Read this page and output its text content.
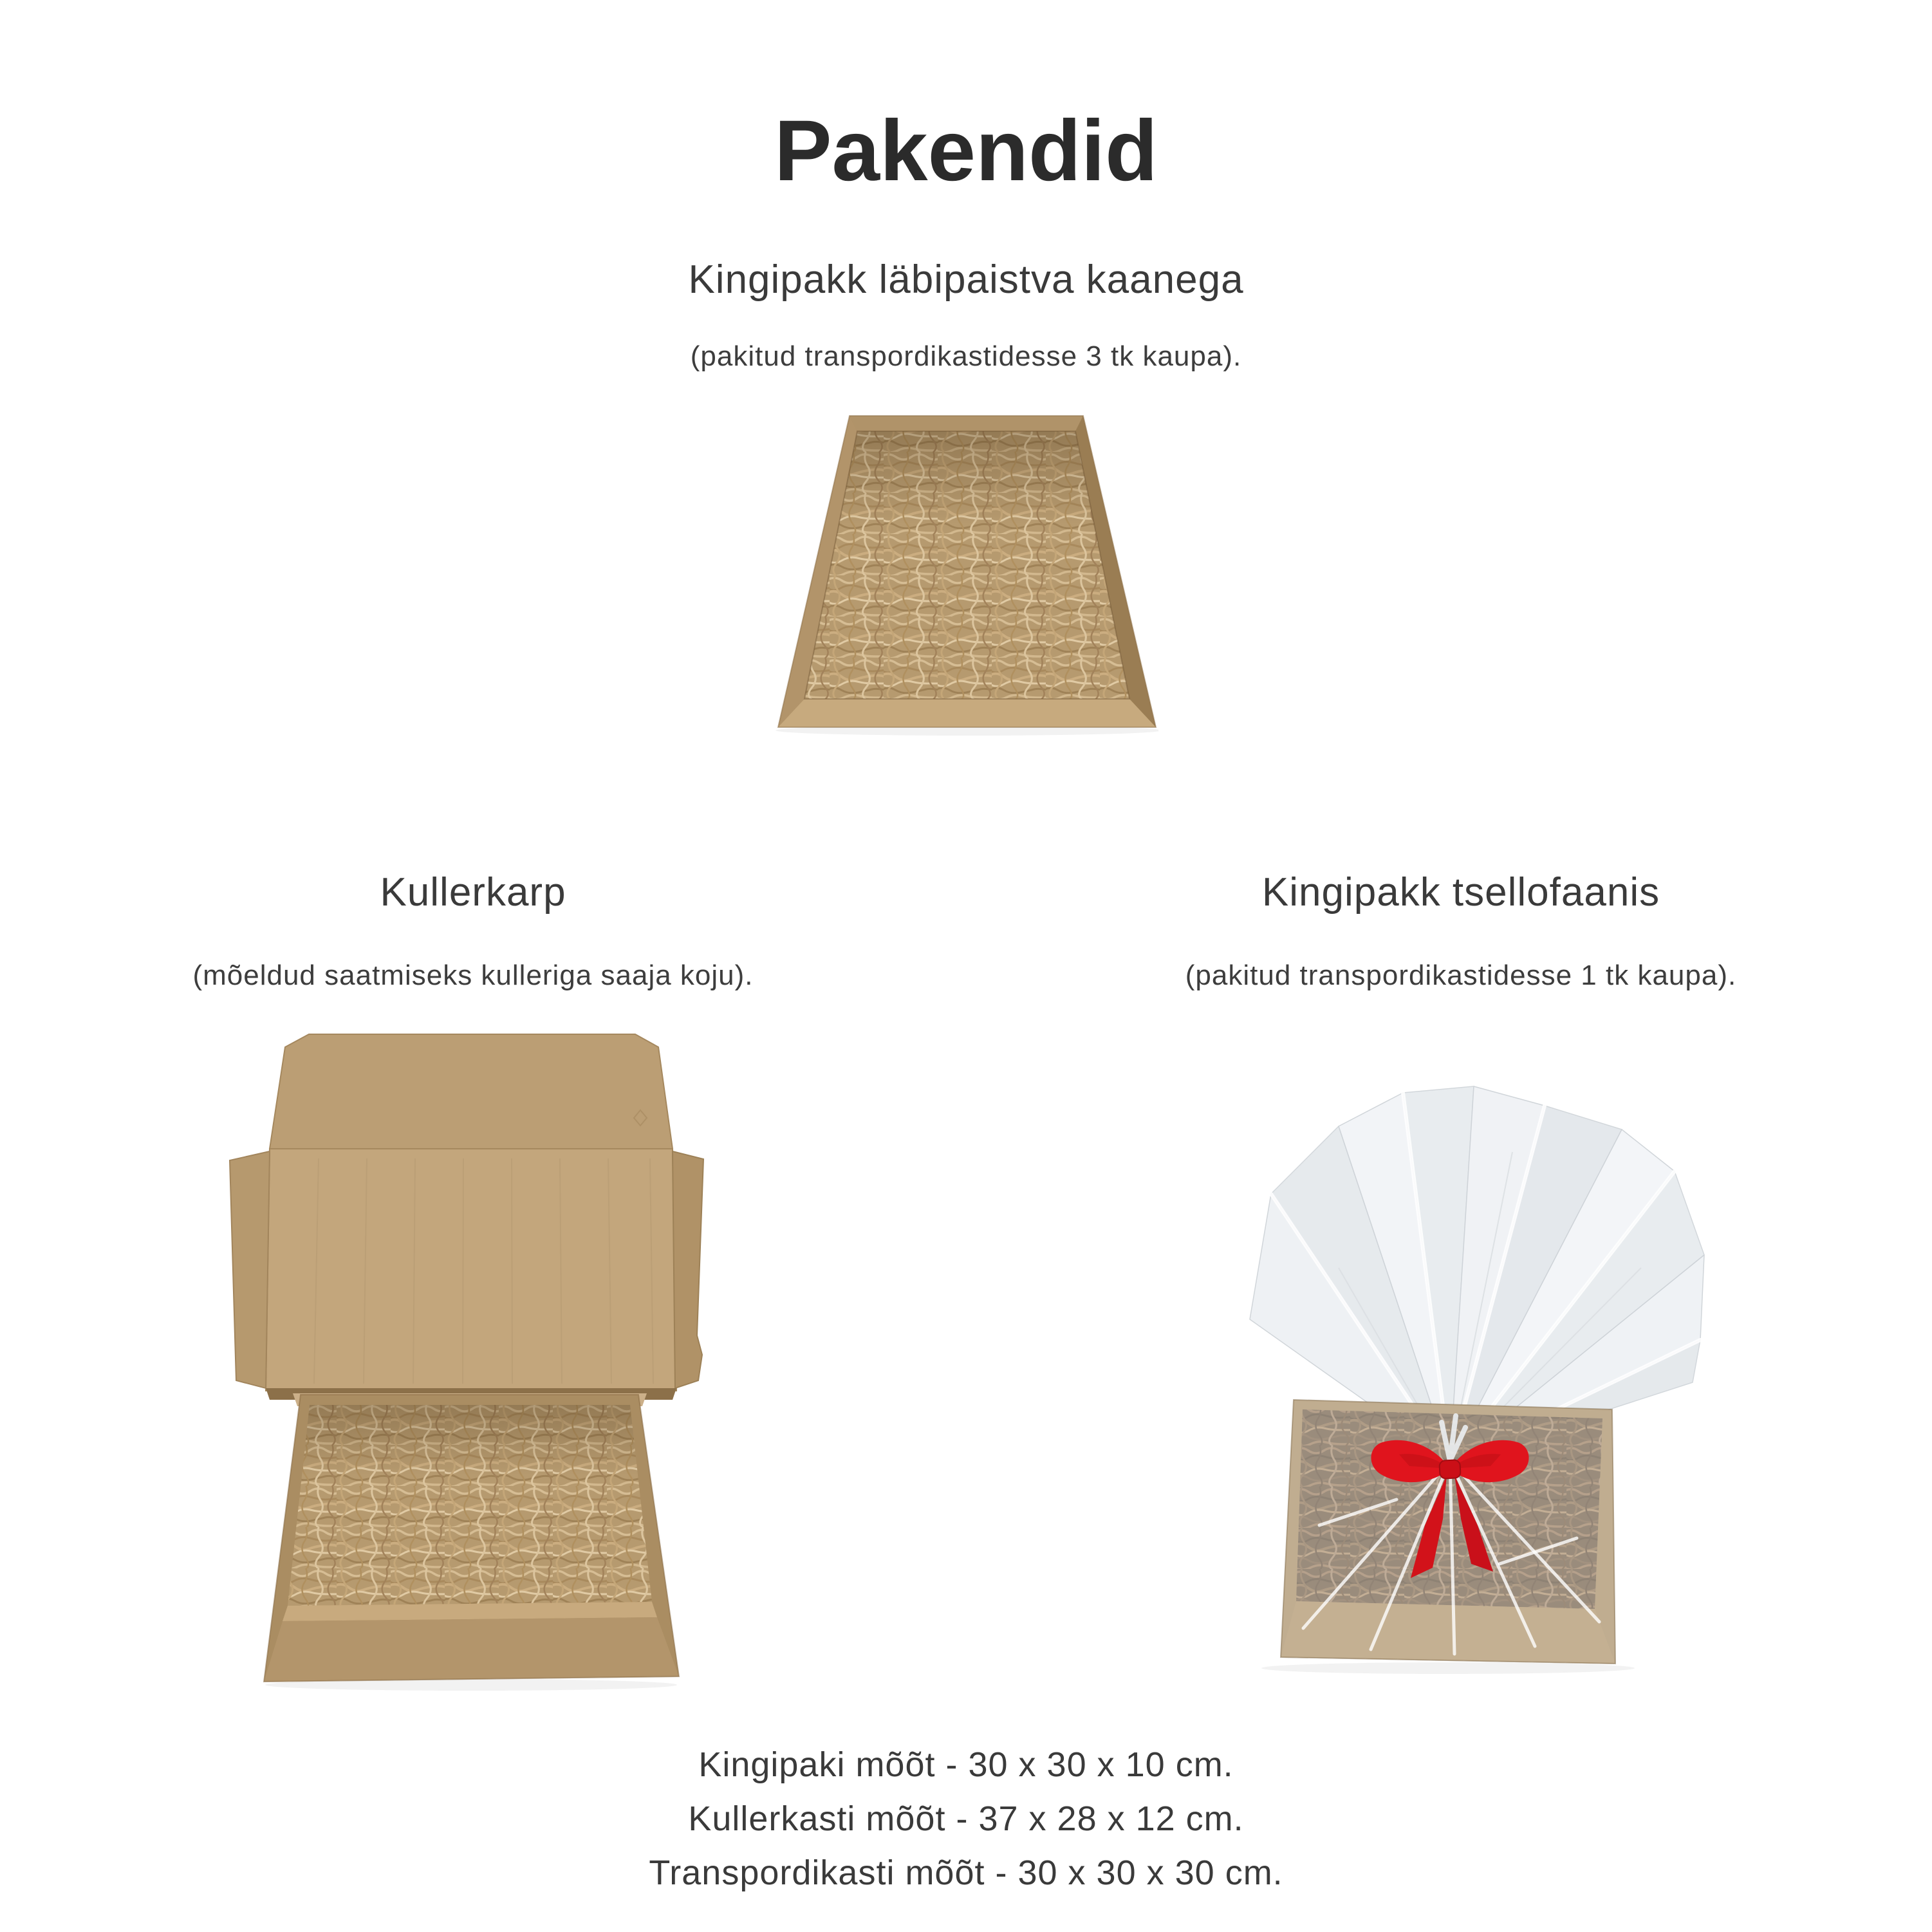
Pakendid
Kingipakk läbipaistva kaanega

(pakitud transpordikastidesse 3 tk kaupa).

Kullerkarp

(mõeldud saatmiseks kulleriga saaja koju).

Kingipakk tsellofaanis

(pakitud transpordikastidesse 1 tk kaupa).

Kingipaki mõõt - 30 x 30 x 10 cm.

Kullerkasti mõõt - 37 x 28 x 12 cm.

Transpordikasti mõõt - 30 x 30 x 30 cm.
